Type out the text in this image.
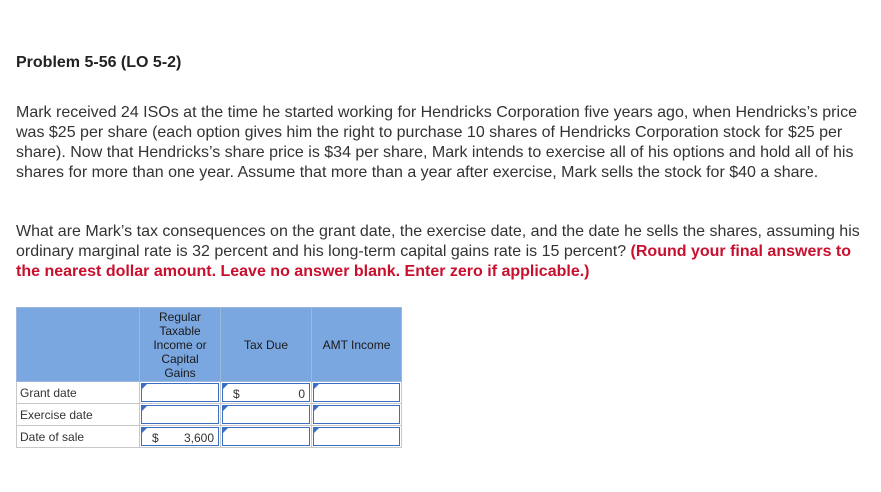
Problem 5-56 (LO 5-2)
Mark received 24 ISOs at the time he started working for Hendricks Corporation five years ago, when Hendricks’s price was $25 per share (each option gives him the right to purchase 10 shares of Hendricks Corporation stock for $25 per share). Now that Hendricks’s share price is $34 per share, Mark intends to exercise all of his options and hold all of his shares for more than one year. Assume that more than a year after exercise, Mark sells the stock for $40 a share.
What are Mark’s tax consequences on the grant date, the exercise date, and the date he sells the shares, assuming his ordinary marginal rate is 32 percent and his long-term capital gains rate is 15 percent? (Round your final answers to the nearest dollar amount. Leave no answer blank. Enter zero if applicable.)

	Regular Taxable Income or Capital Gains	Tax Due	AMT Income
Grant date		$ 0	

Exercise date	

Date of sale	$ 3,600		
